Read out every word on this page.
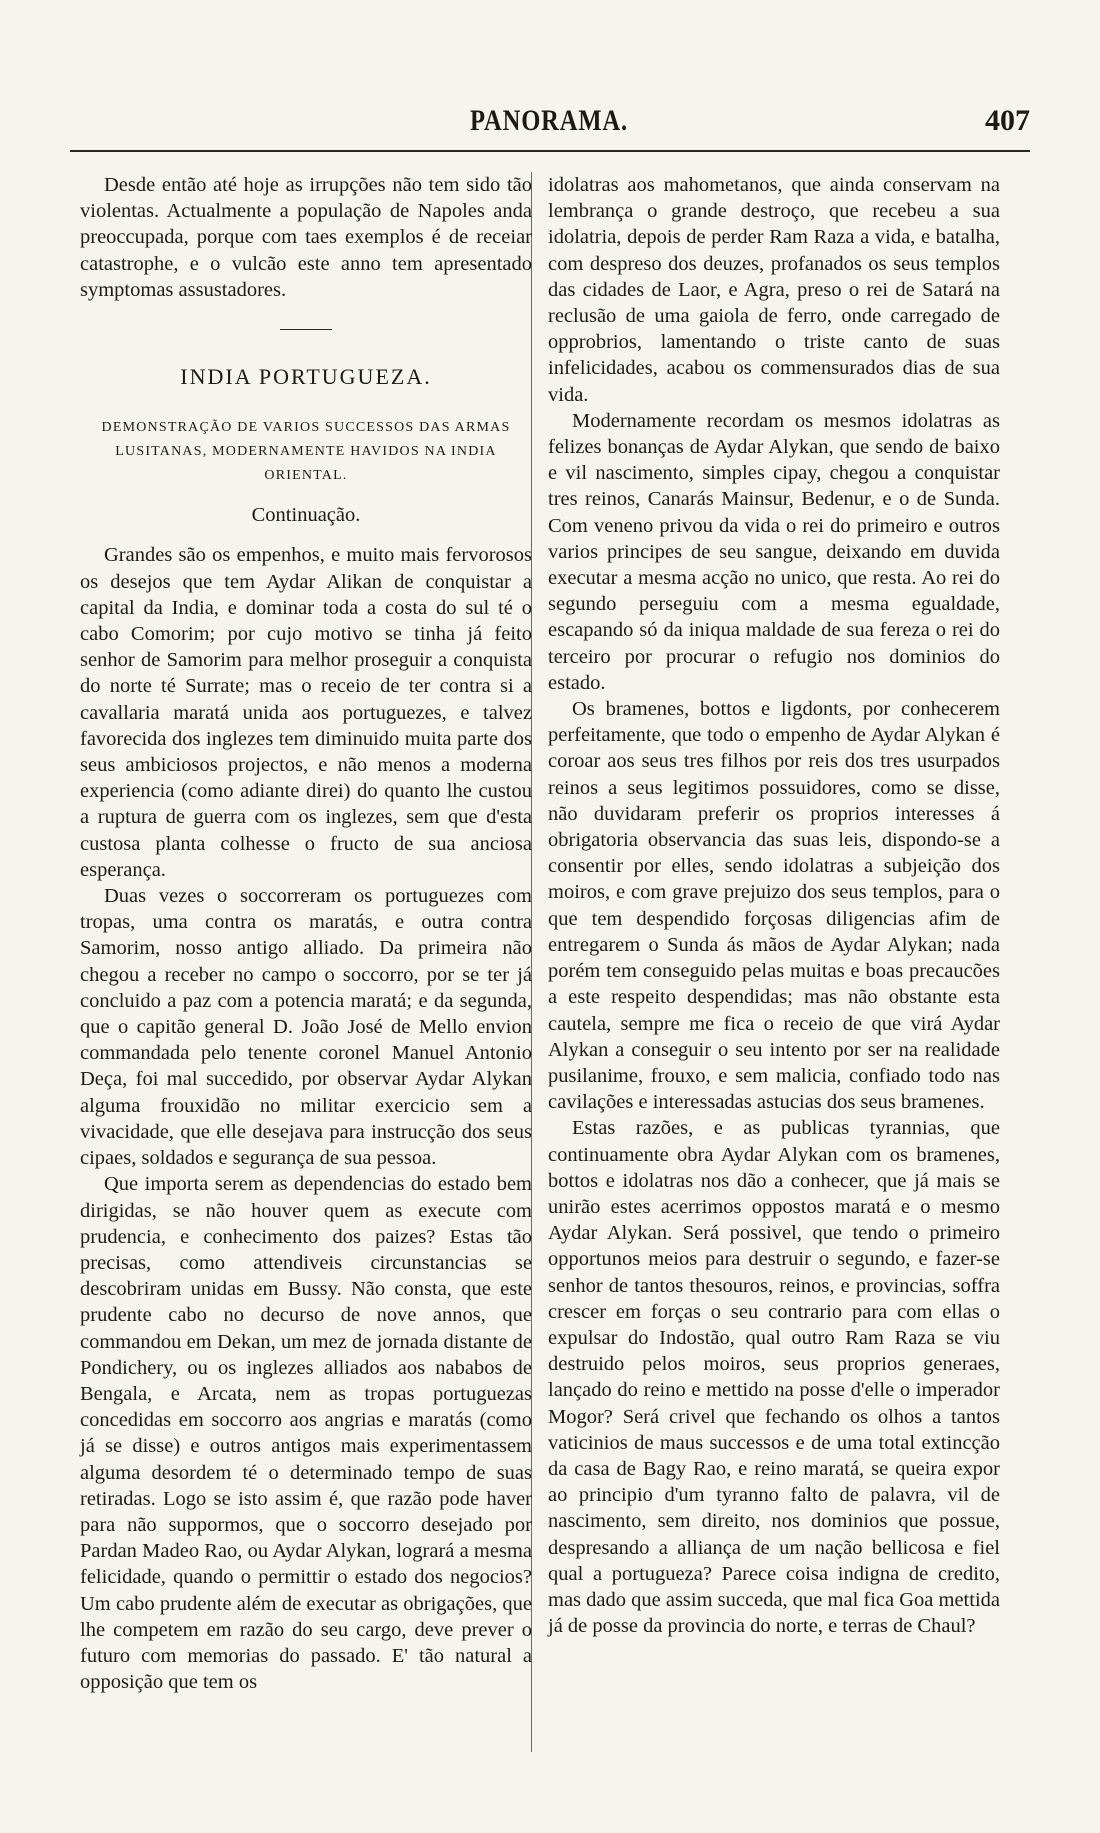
PANORAMA.	407

Desde então até hoje as irrupções não tem sido tão violentas. Actualmente a população de Napoles anda preoccupada, porque com taes exemplos é de receiar catastrophe, e o vulcão este anno tem apresentado symptomas assustadores.

INDIA PORTUGUEZA.
DEMONSTRAÇÃO DE VARIOS SUCCESSOS DAS ARMAS LUSITANAS, MODERNAMENTE HAVIDOS NA INDIA ORIENTAL.
Continuação.

Grandes são os empenhos, e muito mais fervorosos os desejos que tem Aydar Alikan de conquistar a capital da India, e dominar toda a costa do sul té o cabo Comorim; por cujo motivo se tinha já feito senhor de Samorim para melhor proseguir a conquista do norte té Surrate; mas o receio de ter contra si a cavallaria maratá unida aos portuguezes, e talvez favorecida dos inglezes tem diminuido muita parte dos seus ambiciosos projectos, e não menos a moderna experiencia (como adiante direi) do quanto lhe custou a ruptura de guerra com os inglezes, sem que d'esta custosa planta colhesse o fructo de sua anciosa esperança.

Duas vezes o soccorreram os portuguezes com tropas, uma contra os maratás, e outra contra Samorim, nosso antigo alliado. Da primeira não chegou a receber no campo o soccorro, por se ter já concluido a paz com a potencia maratá; e da segunda, que o capitão general D. João José de Mello envion commandada pelo tenente coronel Manuel Antonio Deça, foi mal succedido, por observar Aydar Alykan alguma frouxidão no militar exercicio sem a vivacidade, que elle desejava para instrucção dos seus cipaes, soldados e segurança de sua pessoa.

Que importa serem as dependencias do estado bem dirigidas, se não houver quem as execute com prudencia, e conhecimento dos paizes? Estas tão precisas, como attendiveis circunstancias se descobriram unidas em Bussy. Não consta, que este prudente cabo no decurso de nove annos, que commandou em Dekan, um mez de jornada distante de Pondichery, ou os inglezes alliados aos nababos de Bengala, e Arcata, nem as tropas portuguezas concedidas em soccorro aos angrias e maratás (como já se disse) e outros antigos mais experimentassem alguma desordem té o determinado tempo de suas retiradas. Logo se isto assim é, que razão pode haver para não suppormos, que o soccorro desejado por Pardan Madeo Rao, ou Aydar Alykan, logrará a mesma felicidade, quando o permittir o estado dos negocios? Um cabo prudente além de executar as obrigações, que lhe competem em razão do seu cargo, deve prever o futuro com memorias do passado. E' tão natural a opposição que tem os

idolatras aos mahometanos, que ainda conservam na lembrança o grande destroço, que recebeu a sua idolatria, depois de perder Ram Raza a vida, e batalha, com despreso dos deuzes, profanados os seus templos das cidades de Laor, e Agra, preso o rei de Satará na reclusão de uma gaiola de ferro, onde carregado de opprobrios, lamentando o triste canto de suas infelicidades, acabou os commensurados dias de sua vida.

Modernamente recordam os mesmos idolatras as felizes bonanças de Aydar Alykan, que sendo de baixo e vil nascimento, simples cipay, chegou a conquistar tres reinos, Canarás Mainsur, Bedenur, e o de Sunda. Com veneno privou da vida o rei do primeiro e outros varios principes de seu sangue, deixando em duvida executar a mesma acção no unico, que resta. Ao rei do segundo perseguiu com a mesma egualdade, escapando só da iniqua maldade de sua fereza o rei do terceiro por procurar o refugio nos dominios do estado.

Os bramenes, bottos e ligdonts, por conhecerem perfeitamente, que todo o empenho de Aydar Alykan é coroar aos seus tres filhos por reis dos tres usurpados reinos a seus legitimos possuidores, como se disse, não duvidaram preferir os proprios interesses á obrigatoria observancia das suas leis, dispondo-se a consentir por elles, sendo idolatras a subjeição dos moiros, e com grave prejuizo dos seus templos, para o que tem despendido forçosas diligencias afim de entregarem o Sunda ás mãos de Aydar Alykan; nada porém tem conseguido pelas muitas e boas precaucões a este respeito despendidas; mas não obstante esta cautela, sempre me fica o receio de que virá Aydar Alykan a conseguir o seu intento por ser na realidade pusilanime, frouxo, e sem malicia, confiado todo nas cavilações e interessadas astucias dos seus bramenes.

Estas razões, e as publicas tyrannias, que continuamente obra Aydar Alykan com os bramenes, bottos e idolatras nos dão a conhecer, que já mais se unirão estes acerrimos oppostos maratá e o mesmo Aydar Alykan. Será possivel, que tendo o primeiro opportunos meios para destruir o segundo, e fazer-se senhor de tantos thesouros, reinos, e provincias, soffra crescer em forças o seu contrario para com ellas o expulsar do Indostão, qual outro Ram Raza se viu destruido pelos moiros, seus proprios generaes, lançado do reino e mettido na posse d'elle o imperador Mogor? Será crivel que fechando os olhos a tantos vaticinios de maus successos e de uma total extincção da casa de Bagy Rao, e reino maratá, se queira expor ao principio d'um tyranno falto de palavra, vil de nascimento, sem direito, nos dominios que possue, despresando a alliança de um nação bellicosa e fiel qual a portugueza? Parece coisa indigna de credito, mas dado que assim succeda, que mal fica Goa mettida já de posse da provincia do norte, e terras de Chaul?
